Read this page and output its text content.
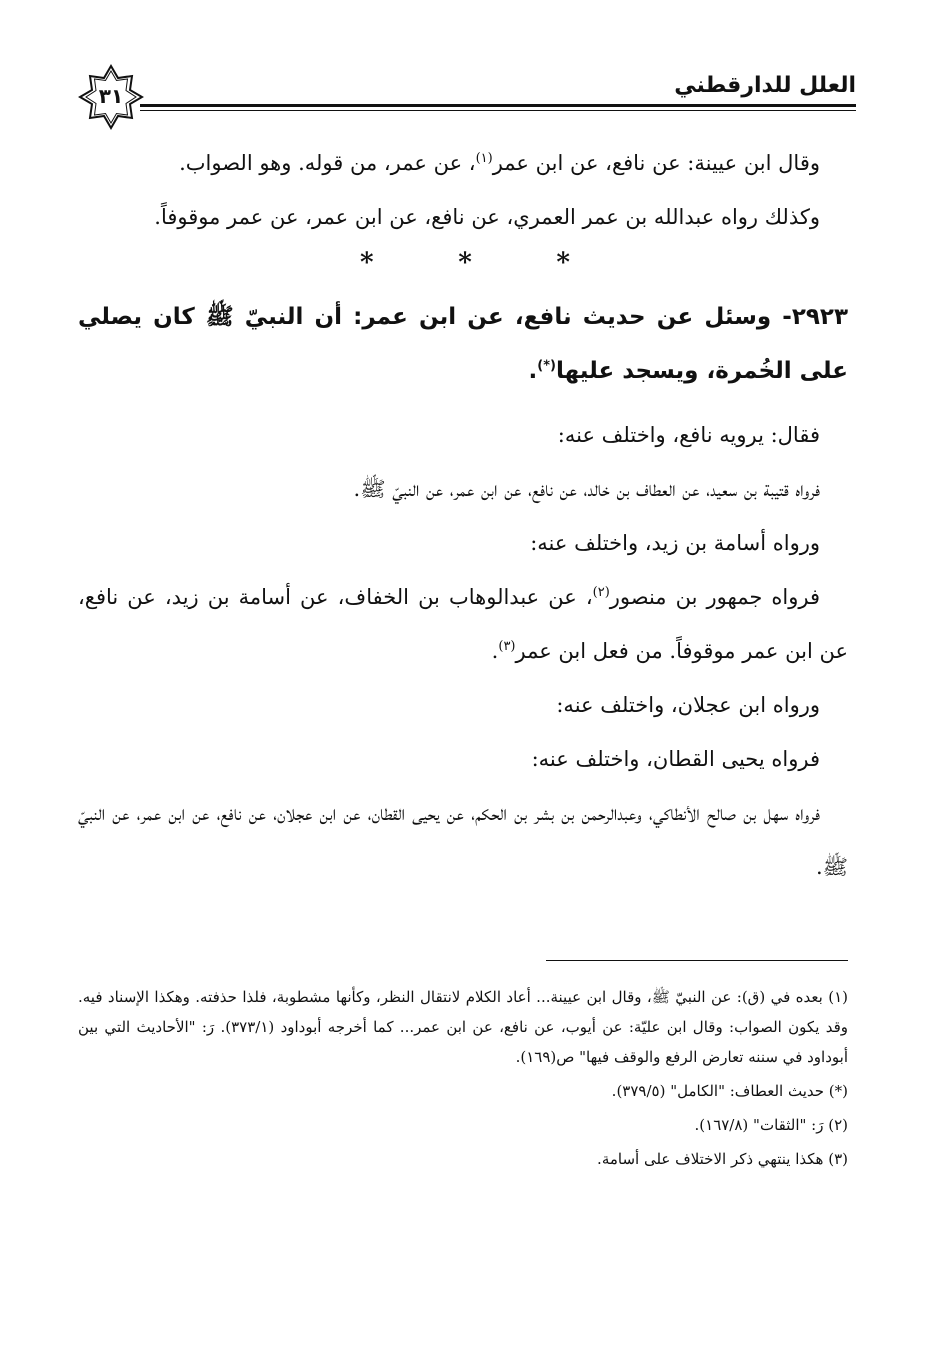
العلل للدارقطني
٣١

وقال ابن عيينة: عن نافع، عن ابن عمر$^{(١)}$، عن عمر، من قوله. وهو الصواب.

وكذلك رواه عبدالله بن عمر العمري، عن نافع، عن ابن عمر، عن عمر موقوفاً.

*	*	*
٢٩٢٣- وسئل عن حديث نافع، عن ابن عمر: أن النبيّ ﷺ كان يصلي على الخُمرة، ويسجد عليها(*).

فقال: يرويه نافع، واختلف عنه:

فرواه قتيبة بن سعيد، عن العطاف بن خالد، عن نافع، عن ابن عمر، عن النبيّ ﷺ.

ورواه أسامة بن زيد، واختلف عنه:

فرواه جمهور بن منصور$^{(٢)}$، عن عبدالوهاب بن الخفاف، عن أسامة بن زيد، عن نافع، عن ابن عمر موقوفاً. من فعل ابن عمر$^{(٣)}$.

ورواه ابن عجلان، واختلف عنه:

فرواه يحيى القطان، واختلف عنه:

فرواه سهل بن صالح الأنطاكي، وعبدالرحمن بن بشر بن الحكم، عن يحيى القطان، عن ابن عجلان، عن نافع، عن ابن عمر، عن النبيّ ﷺ.

(١) بعده في (ق): عن النبيّ ﷺ، وقال ابن عيينة... أعاد الكلام لانتقال النظر، وكأنها مشطوبة، فلذا حذفته. وهكذا الإسناد فيه. وقد يكون الصواب: وقال ابن عليّة: عن أيوب، عن نافع، عن ابن عمر... كما أخرجه أبوداود (٣٧٣/١). رَ: "الأحاديث التي بين أبوداود في سننه تعارض الرفع والوقف فيها" ص(١٦٩).

(*) حديث العطاف: "الكامل" (٣٧٩/٥).

(٢) رَ: "الثقات" (١٦٧/٨).

(٣) هكذا ينتهي ذكر الاختلاف على أسامة.
